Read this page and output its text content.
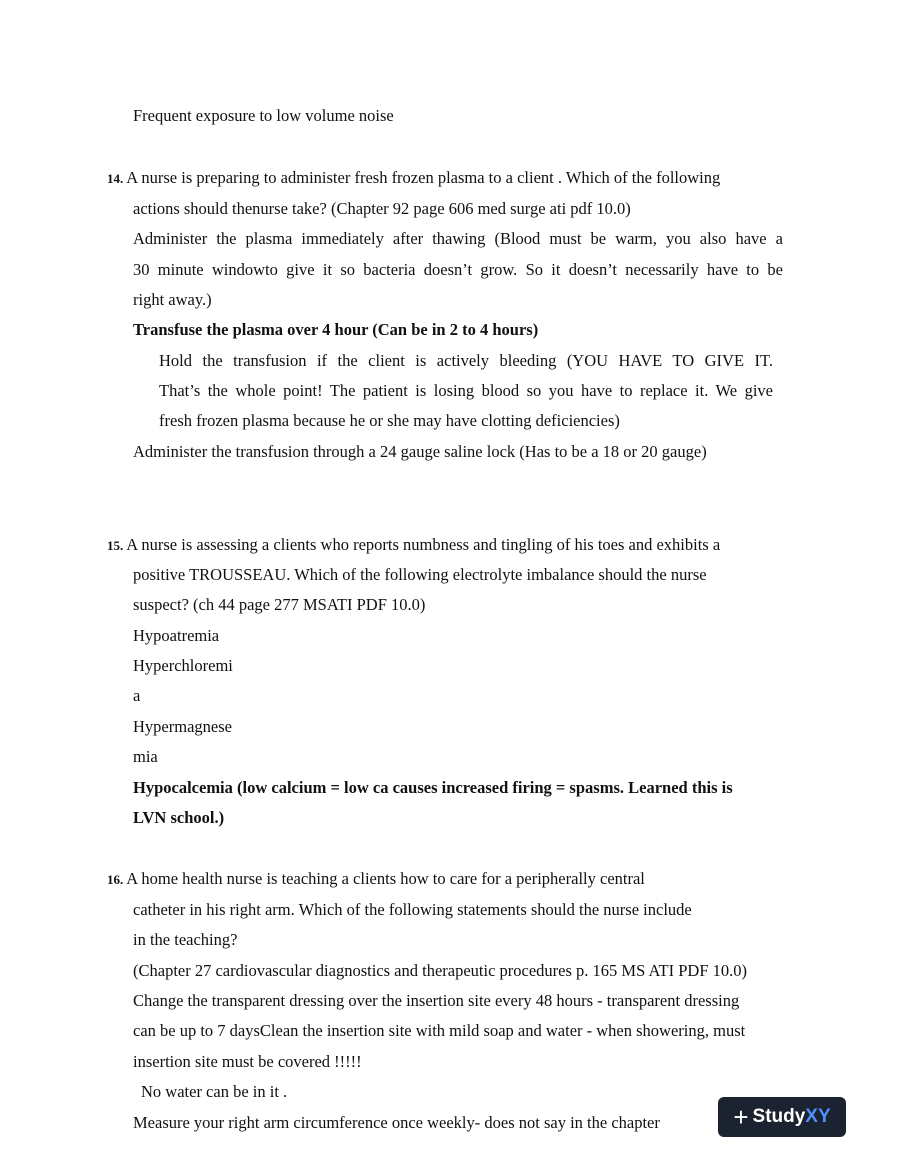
Frequent exposure to low volume noise
14. A nurse is preparing to administer fresh frozen plasma to a client . Which of the following
actions should thenurse take? (Chapter 92 page 606 med surge ati pdf 10.0)
Administer the plasma immediately after thawing (Blood must be warm, you also have a
30 minute windowto give it so bacteria doesn’t grow. So it doesn’t necessarily have to be
right away.)
Transfuse the plasma over 4 hour (Can be in 2 to 4 hours)
Hold the transfusion if the client is actively bleeding (YOU HAVE TO GIVE IT.
That’s the whole point! The patient is losing blood so you have to replace it. We give
fresh frozen plasma because he or she may have clotting deficiencies)
Administer the transfusion through a 24 gauge saline lock (Has to be a 18 or 20 gauge)
15. A nurse is assessing a clients who reports numbness and tingling of his toes and exhibits a
positive TROUSSEAU. Which of the following electrolyte imbalance should the nurse
suspect? (ch 44 page 277 MSATI PDF 10.0)
Hypoatremia
Hyperchloremi
a
Hypermagnese
mia
Hypocalcemia (low calcium = low ca causes increased firing = spasms. Learned this is
LVN school.)
16. A home health nurse is teaching a clients how to care for a peripherally central
catheter in his right arm. Which of the following statements should the nurse include
in the teaching?
(Chapter 27 cardiovascular diagnostics and therapeutic procedures p. 165 MS ATI PDF 10.0)
Change the transparent dressing over the insertion site every 48 hours - transparent dressing
can be up to 7 daysClean the insertion site with mild soap and water - when showering, must
insertion site must be covered !!!!!
No water can be in it .
Measure your right arm circumference once weekly- does not say in the chapter	+ Study XY
